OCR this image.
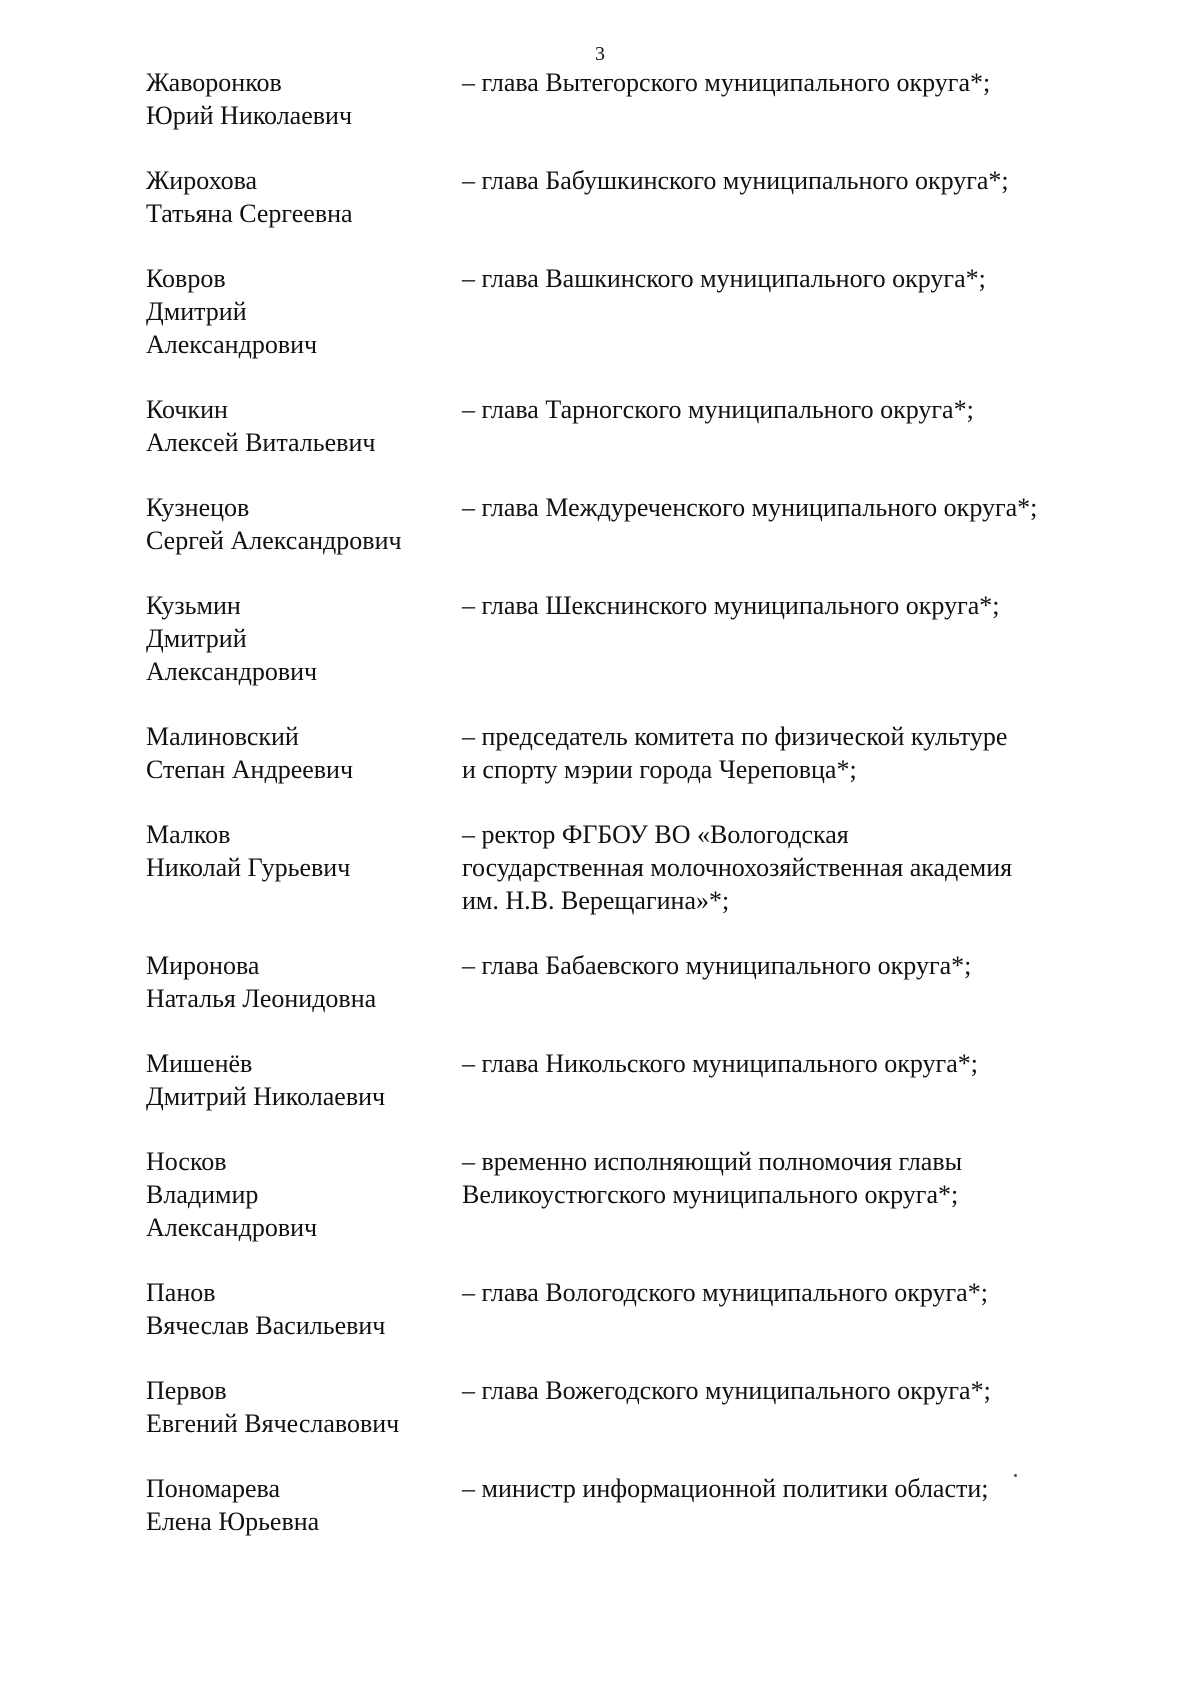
3
Жаворонков
Юрий Николаевич
– глава Вытегорского муниципального округа*;
Жирохова
Татьяна Сергеевна
– глава Бабушкинского муниципального округа*;
Ковров
Дмитрий
Александрович
– глава Вашкинского муниципального округа*;
Кочкин
Алексей Витальевич
– глава Тарногского муниципального округа*;
Кузнецов
Сергей Александрович
– глава Междуреченского муниципального округа*;
Кузьмин
Дмитрий
Александрович
– глава Шекснинского муниципального округа*;
Малиновский
Степан Андреевич
– председатель комитета по физической культуре
и спорту мэрии города Череповца*;
Малков
Николай Гурьевич
– ректор ФГБОУ ВО «Вологодская
государственная молочнохозяйственная академия
им. Н.В. Верещагина»*;
Миронова
Наталья Леонидовна
– глава Бабаевского муниципального округа*;
Мишенёв
Дмитрий Николаевич
– глава Никольского муниципального округа*;
Носков
Владимир
Александрович
– временно исполняющий полномочия главы
Великоустюгского муниципального округа*;
Панов
Вячеслав Васильевич
– глава Вологодского муниципального округа*;
Первов
Евгений Вячеславович
– глава Вожегодского муниципального округа*;
Пономарева
Елена Юрьевна
– министр информационной политики области;
